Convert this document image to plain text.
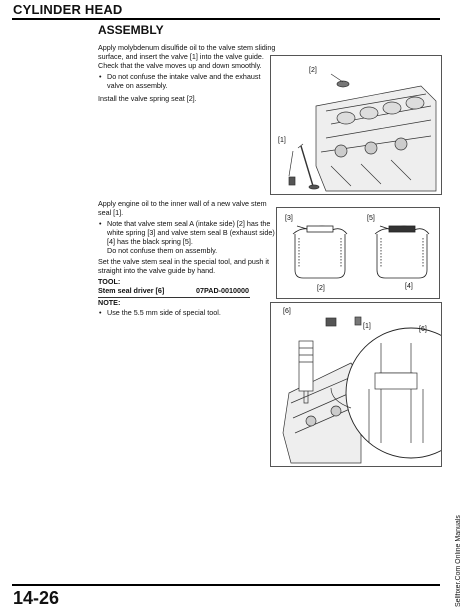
CYLINDER HEAD
ASSEMBLY
Apply molybdenum disulfide oil to the valve stem sliding
surface, and insert the valve [1] into the valve guide.
Check that the valve moves up and down smoothly.
• Do not confuse the intake valve and the exhaust
valve on assembly.
Install the valve spring seat [2].
Apply engine oil to the inner wall of a new valve stem
seal [1].
• Note that valve stem seal A (intake side) [2] has the
white spring [3] and valve stem seal B (exhaust side)
[4] has the black spring [5].
Do not confuse them on assembly.
Set the valve stem seal in the special tool, and push it
straight into the valve guide by hand.
TOOL:
Stem seal driver [6]	07PAD-0010000
NOTE:
• Use the 5.5 mm side of special tool.
[2]
[1]
[3]	[5]
[2]	[4]
[6]
[1]	[6]
14-26	Sellfixer.Com Online Manuals
